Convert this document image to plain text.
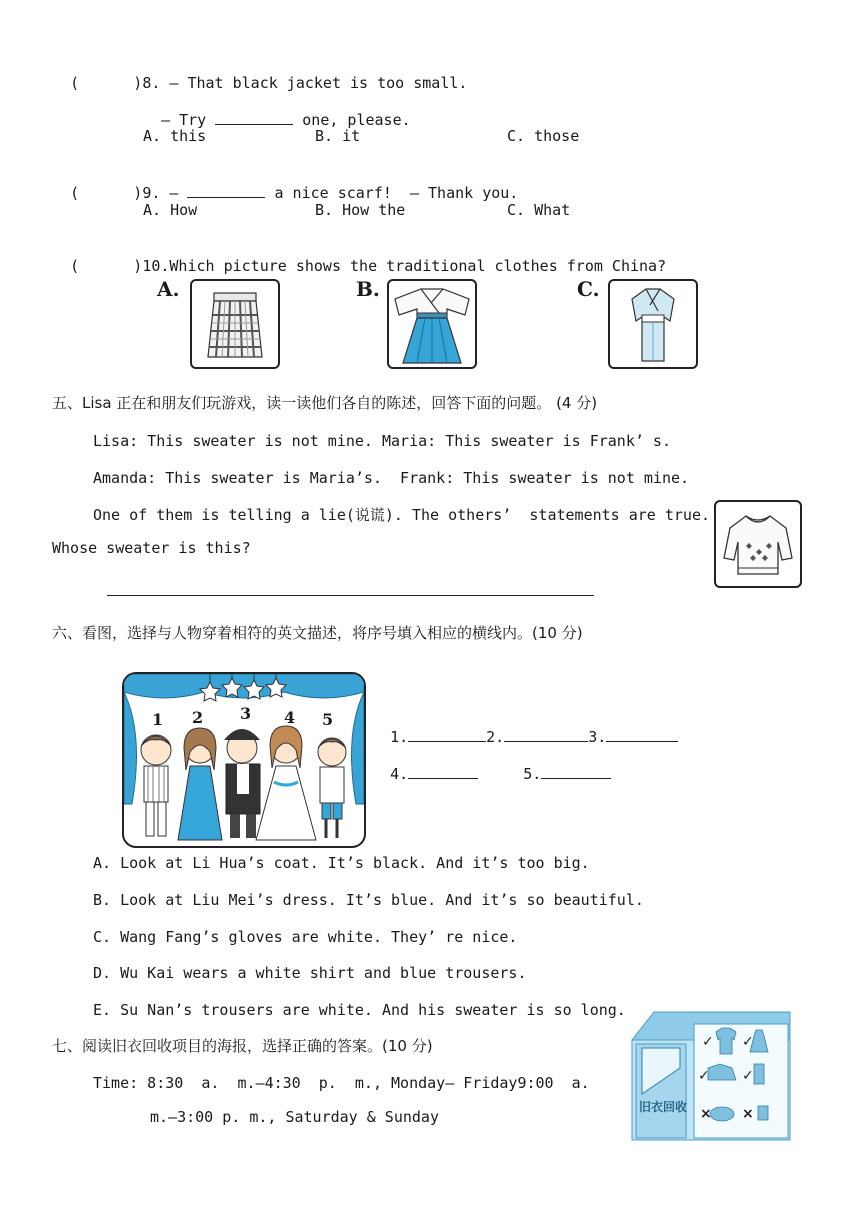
(      )8. — That black jacket is too small.

— Try	one, please.

A. this	B. it	C. those

(      )9. —	a nice scarf! — Thank you.

A. How	B. How the	C. What

(      )10.Which picture shows the traditional clothes from China?

A.	B.	C.
五、Lisa 正在和朋友们玩游戏，读一读他们各自的陈述，回答下面的问题。 (4 分)
Lisa: This sweater is not mine. Maria: This sweater is Frank’ s.
Amanda: This sweater is Maria’s.  Frank: This sweater is not mine.
One of them is telling a lie(说谎). The others’  statements are true.
Whose sweater is this?
六、看图，选择与人物穿着相符的英文描述，将序号填入相应的横线内。(10 分)
1 2 3 4 5

1.	2.	3.

4.	5.

A. Look at Li Hua’s coat. It’s black. And it’s too big.
B. Look at Liu Mei’s dress. It’s blue. And it’s so beautiful.
C. Wang Fang’s gloves are white. They’ re nice.
D. Wu Kai wears a white shirt and blue trousers.
E. Su Nan’s trousers are white. And his sweater is so long.
七、阅读旧衣回收项目的海报，选择正确的答案。(10 分)
Time: 8:30  a.  m.—4:30  p.  m., Monday— Friday9:00  a.
m.—3:00 p. m., Saturday & Sunday
旧衣回收
✓ ✓
✓ ✓
× ×
